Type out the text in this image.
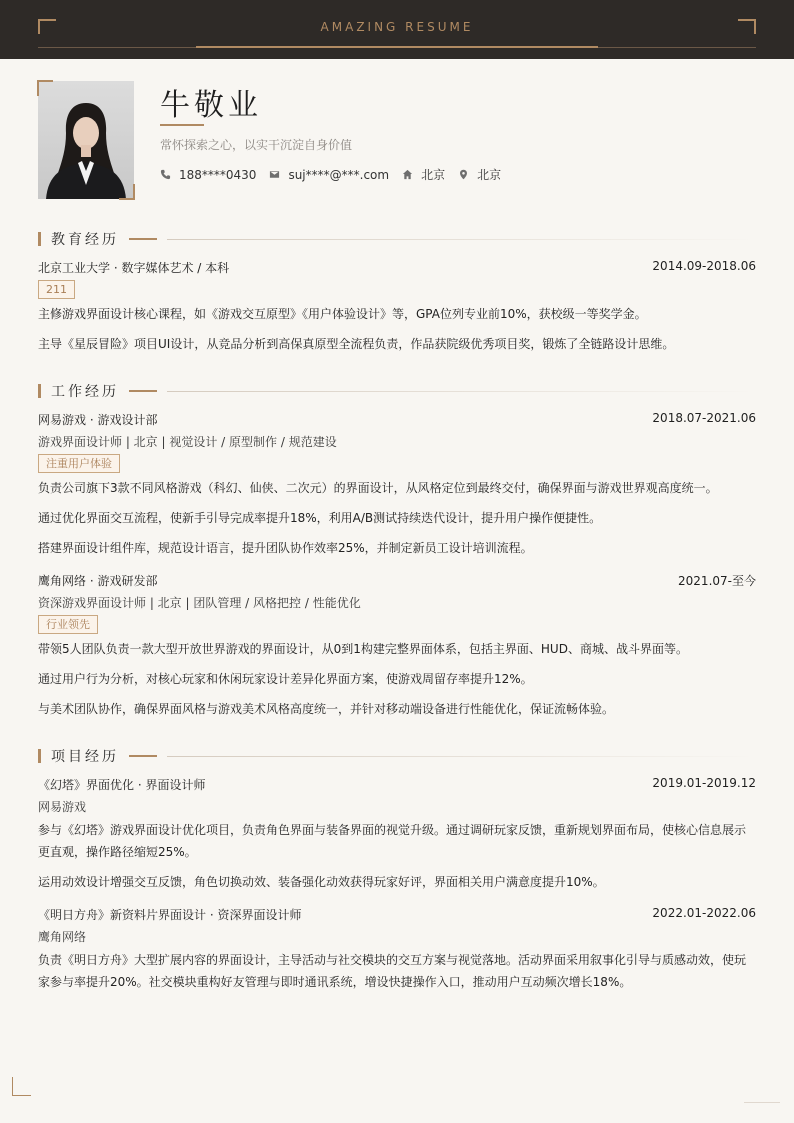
AMAZING RESUME
牛敬业
常怀探索之心，以实干沉淀自身价值
188****0430	suj****@***.com	北京	北京
教育经历
北京工业大学 · 数字媒体艺术 / 本科	2014.09-2018.06
211
主修游戏界面设计核心课程，如《游戏交互原型》《用户体验设计》等，GPA位列专业前10%，获校级一等奖学金。
主导《星辰冒险》项目UI设计，从竞品分析到高保真原型全流程负责，作品获院级优秀项目奖，锻炼了全链路设计思维。
工作经历
网易游戏 · 游戏设计部	2018.07-2021.06
游戏界面设计师 | 北京 | 视觉设计 / 原型制作 / 规范建设
注重用户体验
负责公司旗下3款不同风格游戏（科幻、仙侠、二次元）的界面设计，从风格定位到最终交付，确保界面与游戏世界观高度统一。
通过优化界面交互流程，使新手引导完成率提升18%，利用A/B测试持续迭代设计，提升用户操作便捷性。
搭建界面设计组件库，规范设计语言，提升团队协作效率25%，并制定新员工设计培训流程。
鹰角网络 · 游戏研发部	2021.07-至今
资深游戏界面设计师 | 北京 | 团队管理 / 风格把控 / 性能优化
行业领先
带领5人团队负责一款大型开放世界游戏的界面设计，从0到1构建完整界面体系，包括主界面、HUD、商城、战斗界面等。
通过用户行为分析，对核心玩家和休闲玩家设计差异化界面方案，使游戏周留存率提升12%。
与美术团队协作，确保界面风格与游戏美术风格高度统一，并针对移动端设备进行性能优化，保证流畅体验。
项目经历
《幻塔》界面优化 · 界面设计师	2019.01-2019.12
网易游戏
参与《幻塔》游戏界面设计优化项目，负责角色界面与装备界面的视觉升级。通过调研玩家反馈，重新规划界面布局，使核心信息展示更直观，操作路径缩短25%。
运用动效设计增强交互反馈，角色切换动效、装备强化动效获得玩家好评，界面相关用户满意度提升10%。
《明日方舟》新资料片界面设计 · 资深界面设计师	2022.01-2022.06
鹰角网络
负责《明日方舟》大型扩展内容的界面设计，主导活动与社交模块的交互方案与视觉落地。活动界面采用叙事化引导与质感动效，使玩家参与率提升20%。社交模块重构好友管理与即时通讯系统，增设快捷操作入口，推动用户互动频次增长18%。
